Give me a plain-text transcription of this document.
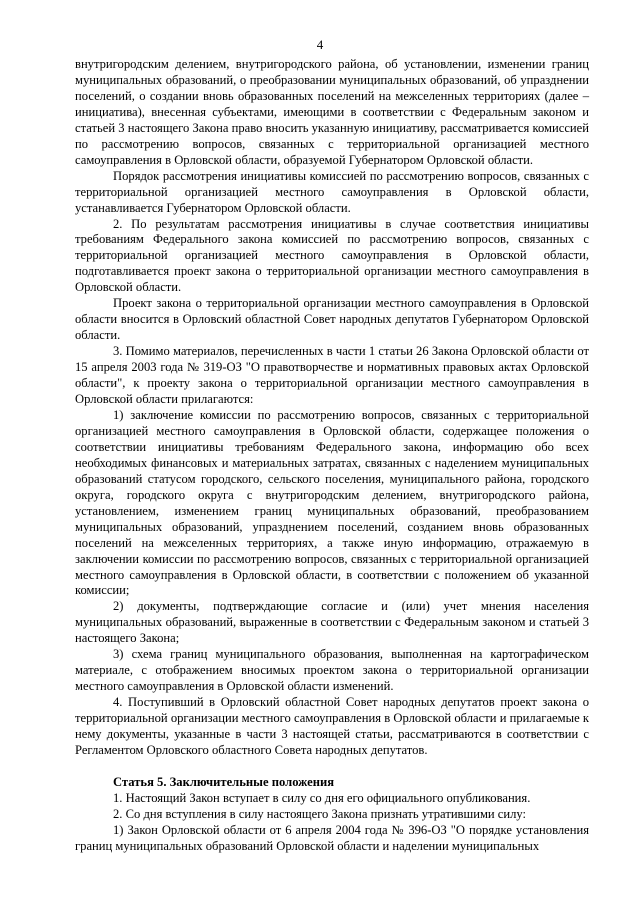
4

внутригородским делением, внутригородского района, об установлении, изменении границ муниципальных образований, о преобразовании муниципальных образований, об упразднении поселений, о создании вновь образованных поселений на межселенных территориях (далее – инициатива), внесенная субъектами, имеющими в соответствии с Федеральным законом и статьей 3 настоящего Закона право вносить указанную инициативу, рассматривается комиссией по рассмотрению вопросов, связанных с территориальной организацией местного самоуправления в Орловской области, образуемой Губернатором Орловской области.

Порядок рассмотрения инициативы комиссией по рассмотрению вопросов, связанных с территориальной организацией местного самоуправления в Орловской области, устанавливается Губернатором Орловской области.

2. По результатам рассмотрения инициативы в случае соответствия инициативы требованиям Федерального закона комиссией по рассмотрению вопросов, связанных с территориальной организацией местного самоуправления в Орловской области, подготавливается проект закона о территориальной организации местного самоуправления в Орловской области.

Проект закона о территориальной организации местного самоуправления в Орловской области вносится в Орловский областной Совет народных депутатов Губернатором Орловской области.

3. Помимо материалов, перечисленных в части 1 статьи 26 Закона Орловской области от 15 апреля 2003 года № 319-ОЗ "О правотворчестве и нормативных правовых актах Орловской области", к проекту закона о территориальной организации местного самоуправления в Орловской области прилагаются:

1) заключение комиссии по рассмотрению вопросов, связанных с территориальной организацией местного самоуправления в Орловской области, содержащее положения о соответствии инициативы требованиям Федерального закона, информацию обо всех необходимых финансовых и материальных затратах, связанных с наделением муниципальных образований статусом городского, сельского поселения, муниципального района, городского округа, городского округа с внутригородским делением, внутригородского района, установлением, изменением границ муниципальных образований, преобразованием муниципальных образований, упразднением поселений, созданием вновь образованных поселений на межселенных территориях, а также иную информацию, отражаемую в заключении комиссии по рассмотрению вопросов, связанных с территориальной организацией местного самоуправления в Орловской области, в соответствии с положением об указанной комиссии;

2) документы, подтверждающие согласие и (или) учет мнения населения муниципальных образований, выраженные в соответствии с Федеральным законом и статьей 3 настоящего Закона;

3) схема границ муниципального образования, выполненная на картографическом материале, с отображением вносимых проектом закона о территориальной организации местного самоуправления в Орловской области изменений.

4. Поступивший в Орловский областной Совет народных депутатов проект закона о территориальной организации местного самоуправления в Орловской области и прилагаемые к нему документы, указанные в части 3 настоящей статьи, рассматриваются в соответствии с Регламентом Орловского областного Совета народных депутатов.

Статья 5. Заключительные положения

1. Настоящий Закон вступает в силу со дня его официального опубликования.

2. Со дня вступления в силу настоящего Закона признать утратившими силу:

1) Закон Орловской области от 6 апреля 2004 года № 396-ОЗ "О порядке установления границ муниципальных образований Орловской области и наделении муниципальных
